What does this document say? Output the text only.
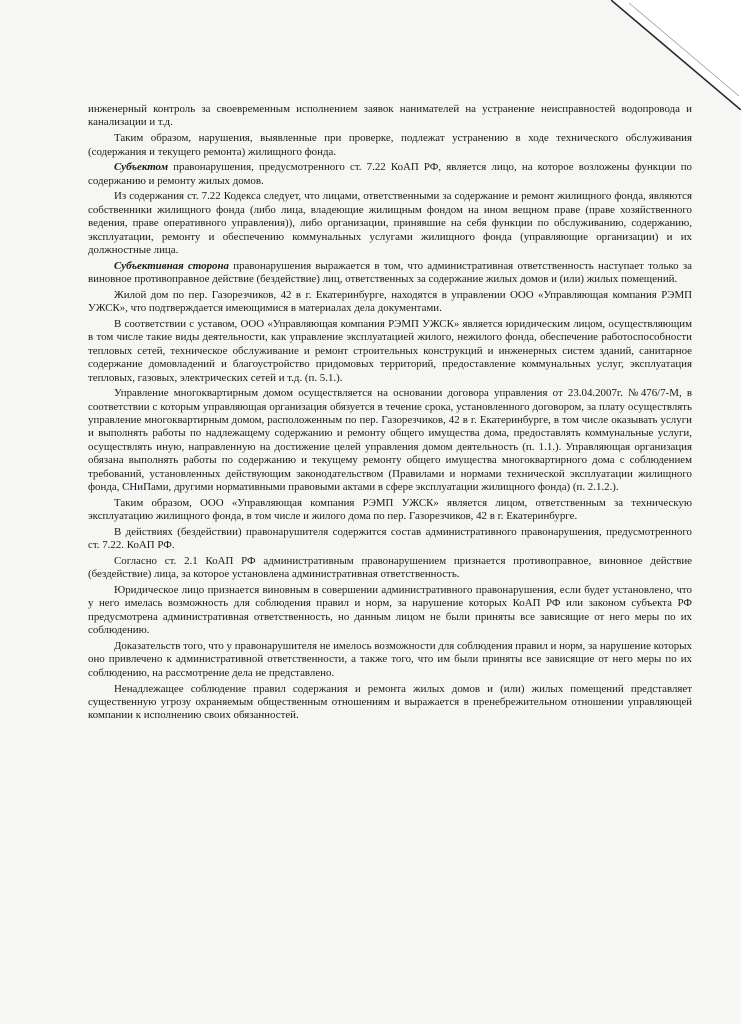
инженерный контроль за своевременным исполнением заявок нанимателей на устранение неисправностей водопровода и канализации и т.д.

Таким образом, нарушения, выявленные при проверке, подлежат устранению в ходе технического обслуживания (содержания и текущего ремонта) жилищного фонда.

Субъектом правонарушения, предусмотренного ст. 7.22 КоАП РФ, является лицо, на которое возложены функции по содержанию и ремонту жилых домов.

Из содержания ст. 7.22 Кодекса следует, что лицами, ответственными за содержание и ремонт жилищного фонда, являются собственники жилищного фонда (либо лица, владеющие жилищным фондом на ином вещном праве (праве хозяйственного ведения, праве оперативного управления)), либо организации, принявшие на себя функции по обслуживанию, содержанию, эксплуатации, ремонту и обеспечению коммунальных услугами жилищного фонда (управляющие организации) и их должностные лица.

Субъективная сторона правонарушения выражается в том, что административная ответственность наступает только за виновное противоправное действие (бездействие) лиц, ответственных за содержание жилых домов и (или) жилых помещений.

Жилой дом по пер. Газорезчиков, 42 в г. Екатеринбурге, находятся в управлении ООО «Управляющая компания РЭМП УЖСК», что подтверждается имеющимися в материалах дела документами.

В соответствии с уставом, ООО «Управляющая компания РЭМП УЖСК» является юридическим лицом, осуществляющим в том числе такие виды деятельности, как управление эксплуатацией жилого, нежилого фонда, обеспечение работоспособности тепловых сетей, техническое обслуживание и ремонт строительных конструкций и инженерных систем зданий, санитарное содержание домовладений и благоустройство придомовых территорий, предоставление коммунальных услуг, эксплуатация тепловых, газовых, электрических сетей и т.д. (п. 5.1.).

Управление многоквартирным домом осуществляется на основании договора управления от 23.04.2007г. №476/7-М, в соответствии с которым управляющая организация обязуется в течение срока, установленного договором, за плату осуществлять управление многоквартирным домом, расположенным по пер. Газорезчиков, 42 в г. Екатеринбурге, в том числе оказывать услуги и выполнять работы по надлежащему содержанию и ремонту общего имущества дома, предоставлять коммунальные услуги, осуществлять иную, направленную на достижение целей управления домом деятельность (п. 1.1.). Управляющая организация обязана выполнять работы по содержанию и текущему ремонту общего имущества многоквартирного дома с соблюдением требований, установленных действующим законодательством (Правилами и нормами технической эксплуатации жилищного фонда, СНиПами, другими нормативными правовыми актами в сфере эксплуатации жилищного фонда) (п. 2.1.2.).

Таким образом, ООО «Управляющая компания РЭМП УЖСК» является лицом, ответственным за техническую эксплуатацию жилищного фонда, в том числе и жилого дома по пер. Газорезчиков, 42 в г. Екатеринбурге.

В действиях (бездействии) правонарушителя содержится состав административного правонарушения, предусмотренного ст. 7.22. КоАП РФ.

Согласно ст. 2.1 КоАП РФ административным правонарушением признается противоправное, виновное действие (бездействие) лица, за которое установлена административная ответственность.

Юридическое лицо признается виновным в совершении административного правонарушения, если будет установлено, что у него имелась возможность для соблюдения правил и норм, за нарушение которых КоАП РФ или законом субъекта РФ предусмотрена административная ответственность, но данным лицом не были приняты все зависящие от него меры по их соблюдению.

Доказательств того, что у правонарушителя не имелось возможности для соблюдения правил и норм, за нарушение которых оно привлечено к административной ответственности, а также того, что им были приняты все зависящие от него меры по их соблюдению, на рассмотрение дела не представлено.

Ненадлежащее соблюдение правил содержания и ремонта жилых домов и (или) жилых помещений представляет существенную угрозу охраняемым общественным отношениям и выражается в пренебрежительном отношении управляющей компании к исполнению своих обязанностей.
